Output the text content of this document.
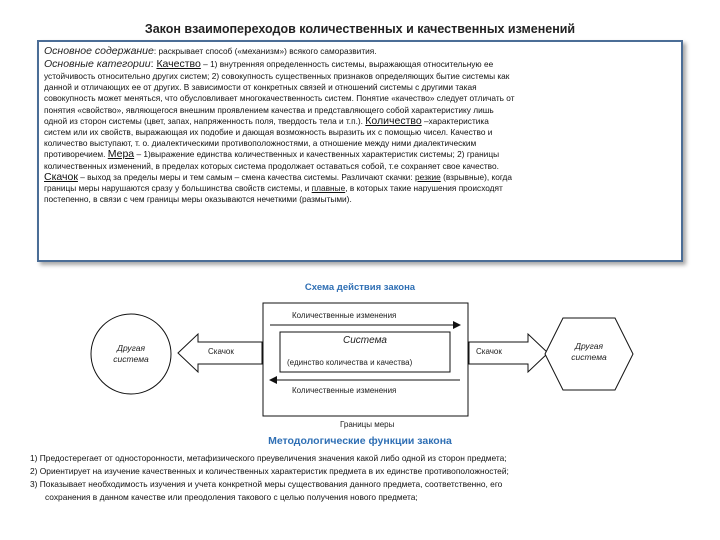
Закон взаимопереходов количественных и качественных изменений

Основное содержание: раскрывает способ («механизм») всякого саморазвития.

Основные категории: Качество – 1) внутренняя определенность системы, выражающая относительную ее

устойчивость относительно других систем; 2) совокупность существенных признаков определяющих бытие системы как

данной и отличающих ее от других. В зависимости от конкретных связей и отношений системы с другими такая

совокупность может меняться, что обусловливает многокачественность систем. Понятие «качество» следует отличать от

понятия «свойство», являющегося внешним проявлением качества и представляющего собой характеристику лишь

одной из сторон системы (цвет, запах, напряженность поля, твердость тела и т.п.). Количество –характеристика

систем или их свойств, выражающая их подобие и дающая возможность выразить их с помощью чисел. Качество и

количество выступают, т. о. диалектическими противоположностями, а отношение между ними диалектическим

противоречием. Мера – 1)выражение единства количественных и качественных характеристик системы; 2) границы

количественных изменений, в пределах которых система продолжает оставаться собой, т.е сохраняет свое качество.

Скачок – выход за пределы меры и тем самым – смена качества системы. Различают скачки: резкие (взрывные), когда

границы меры нарушаются сразу у большинства свойств системы, и плавные, в которых такие нарушения происходят

постепенно, в связи с чем границы меры оказываются нечеткими (размытыми).

Схема действия закона
Количественные изменения
Количественные изменения
Система
(единство количества и качества)
Скачок	Скачок
Другая
система
Другая
система
Границы меры
Методологические функции закона
1) Предостерегает от односторонности, метафизического преувеличения значения какой либо одной из сторон предмета;
2) Ориентирует на изучение качественных и количественных характеристик предмета в их единстве противоположностей;
3) Показывает необходимость изучения и учета конкретной меры существования данного предмета, соответственно, его
сохранения в данном качестве или преодоления такового с целью получения нового предмета;
